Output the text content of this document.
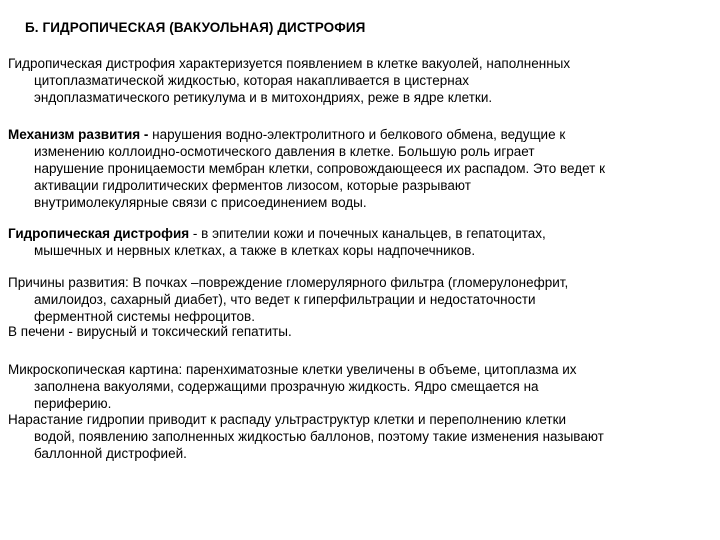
Б. ГИДРОПИЧЕСКАЯ (ВАКУОЛЬНАЯ) ДИСТРОФИЯ
Гидропическая дистрофия характеризуется появлением в клетке вакуолей, наполненных
цитоплазматической жидкостью, которая накапливается в цистернах
эндоплазматического ретикулума и в митохондриях, реже в ядре клетки.
Механизм развития - нарушения водно-электролитного и белкового обмена, ведущие к
изменению коллоидно-осмотического давления в клетке. Большую роль играет
нарушение проницаемости мембран клетки, сопровождающееся их распадом. Это ведет к
активации гидролитических ферментов лизосом, которые разрывают
внутримолекулярные связи с присоединением воды.
Гидропическая дистрофия - в эпителии кожи и почечных канальцев, в гепатоцитах,
мышечных и нервных клетках, а также в клетках коры надпочечников.
Причины развития: В почках –повреждение гломерулярного фильтра (гломерулонефрит,
амилоидоз, сахарный диабет), что ведет к гиперфильтрации и недостаточности
ферментной системы нефроцитов.
В печени - вирусный и токсический гепатиты.
Микроскопическая картина: паренхиматозные клетки увеличены в объеме, цитоплазма их
заполнена вакуолями, содержащими прозрачную жидкость. Ядро смещается на
периферию.
Нарастание гидропии приводит к распаду ультраструктур клетки и переполнению клетки
водой, появлению заполненных жидкостью баллонов, поэтому такие изменения называют
баллонной дистрофией.
